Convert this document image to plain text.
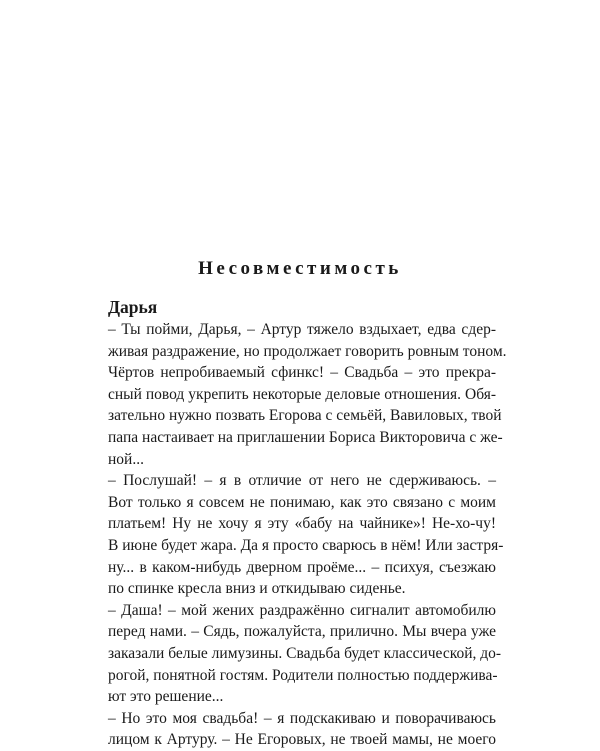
Несовместимость

Дарья

– Ты пойми, Дарья, – Артур тяжело вздыхает, едва сдер-
живая раздражение, но продолжает говорить ровным тоном.
Чёртов непробиваемый сфинкс! – Свадьба – это прекра-
сный повод укрепить некоторые деловые отношения. Обя-
зательно нужно позвать Егорова с семьёй, Вавиловых, твой
папа настаивает на приглашении Бориса Викторовича с же-
ной...
– Послушай! – я в отличие от него не сдерживаюсь. –
Вот только я совсем не понимаю, как это связано с моим
платьем! Ну не хочу я эту «бабу на чайнике»! Не-хо-чу!
В июне будет жара. Да я просто сварюсь в нём! Или застря-
ну... в каком-нибудь дверном проёме... – психуя, съезжаю
по спинке кресла вниз и откидываю сиденье.
– Даша! – мой жених раздражённо сигналит автомобилю
перед нами. – Сядь, пожалуйста, прилично. Мы вчера уже
заказали белые лимузины. Свадьба будет классической, до-
рогой, понятной гостям. Родители полностью поддержива-
ют это решение...
– Но это моя свадьба! – я подскакиваю и поворачиваюсь
лицом к Артуру. – Не Егоровых, не твоей мамы, не моего
